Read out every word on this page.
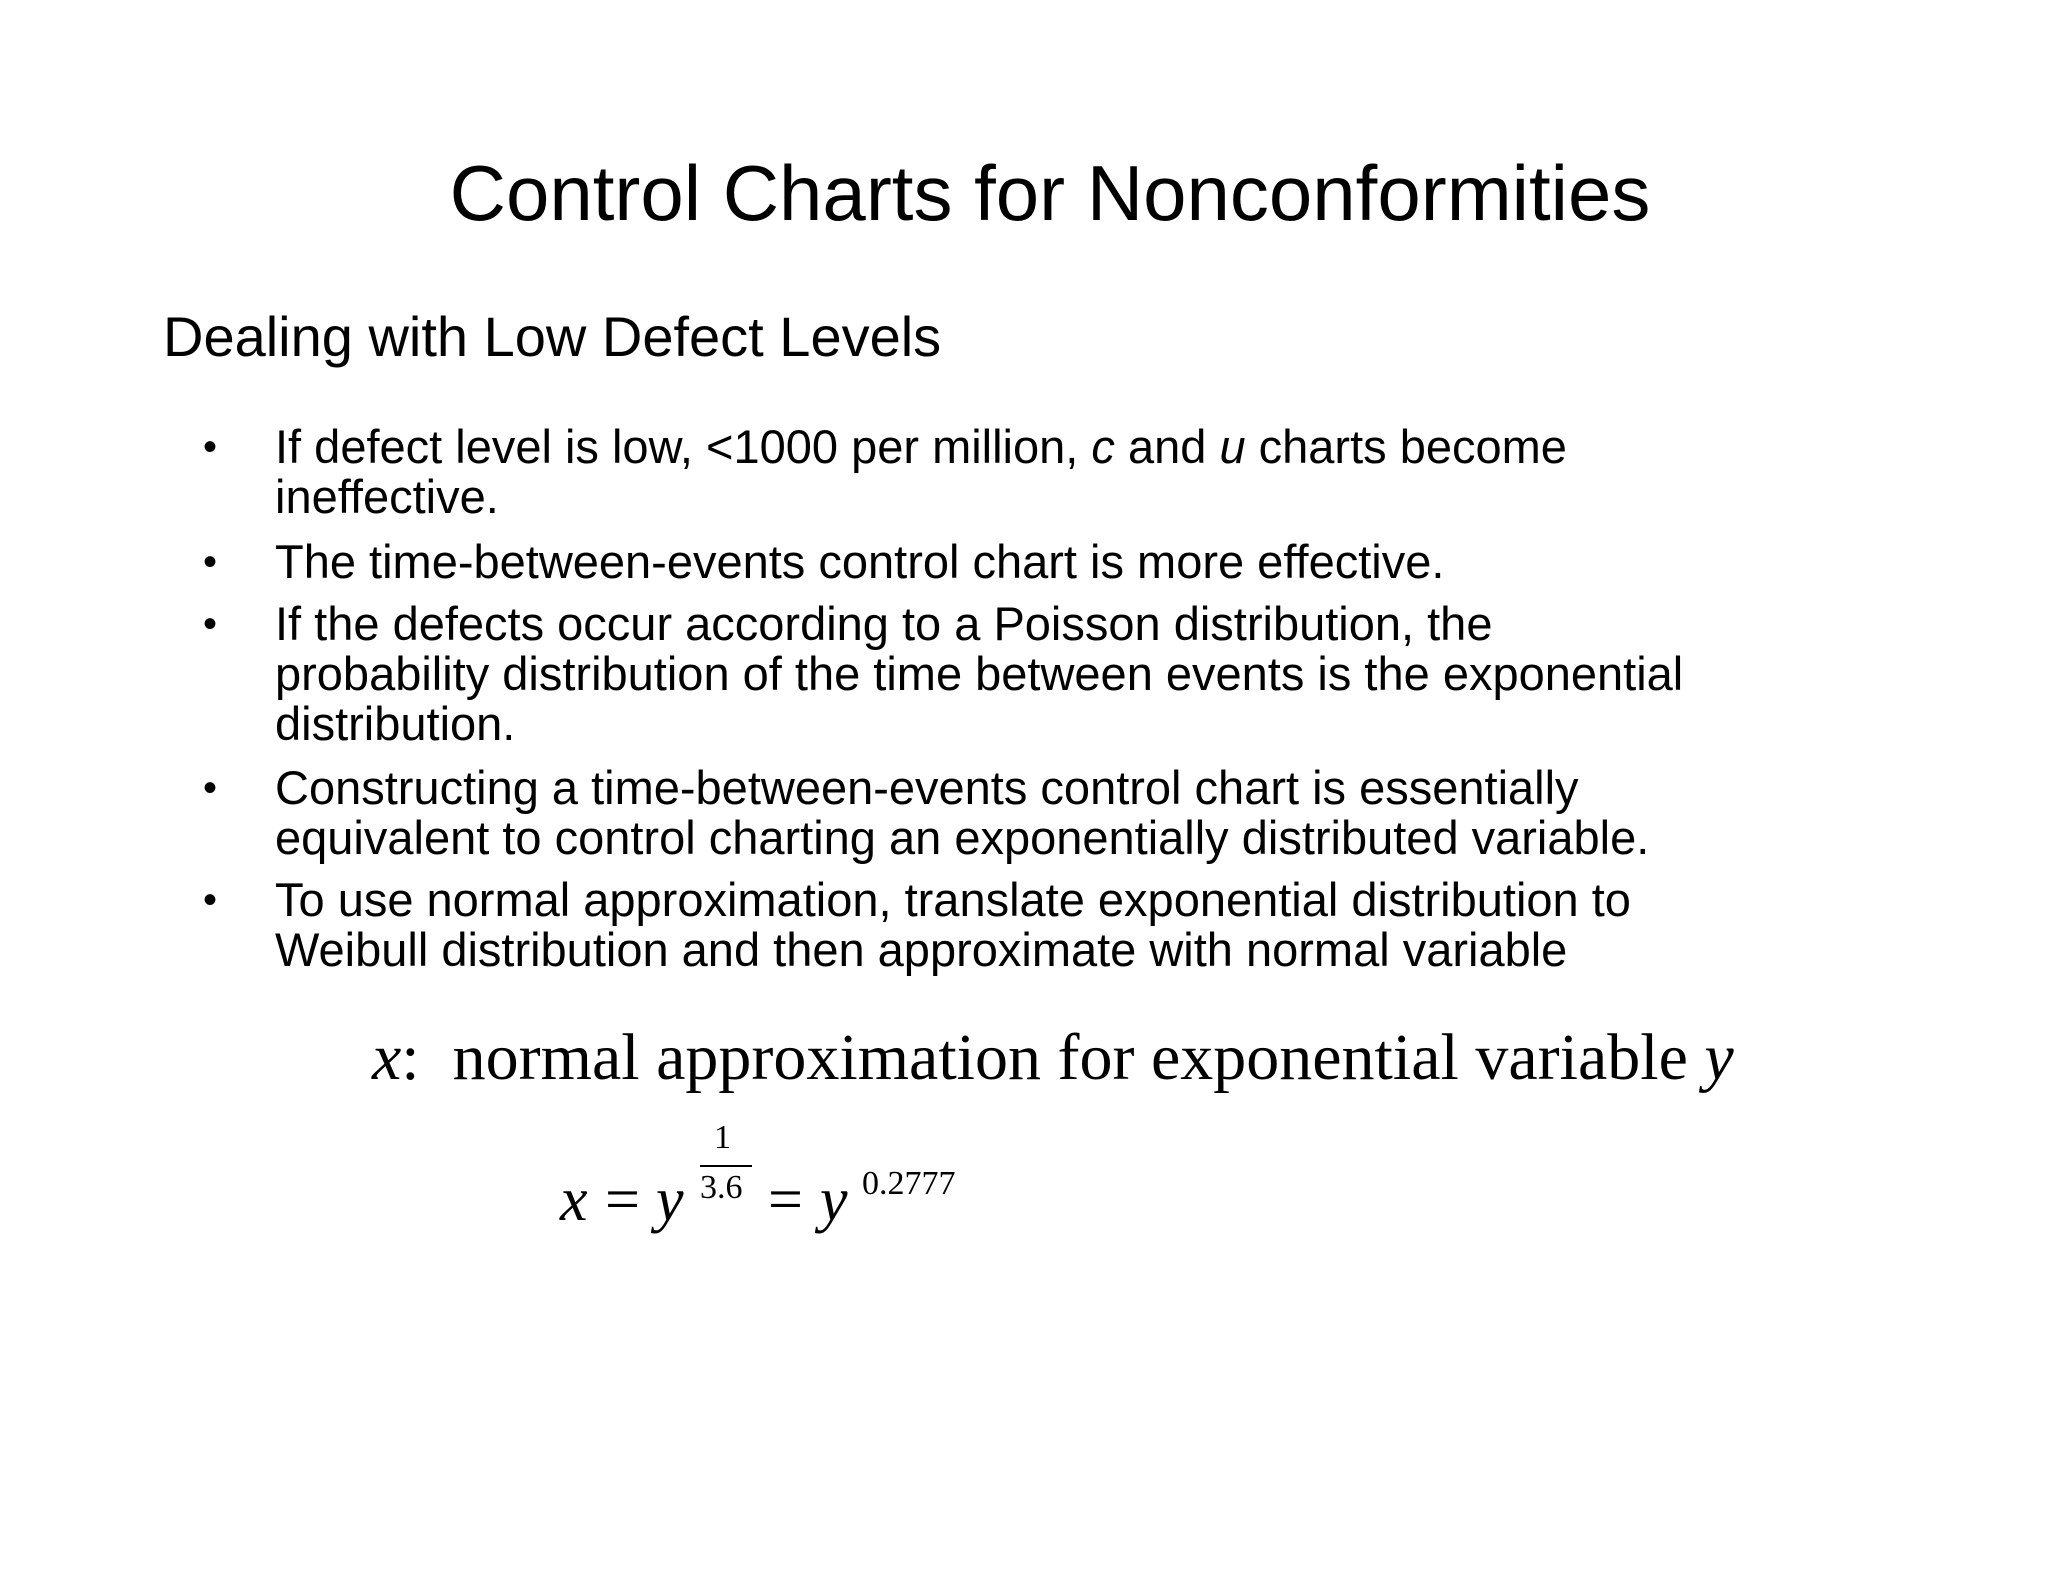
Control Charts for Nonconformities
Dealing with Low Defect Levels
• If defect level is low, <1000 per million, c and u charts become
ineffective.
• The time-between-events control chart is more effective.
• If the defects occur according to a Poisson distribution, the
probability distribution of the time between events is the exponential
distribution.
• Constructing a time-between-events control chart is essentially
equivalent to control charting an exponentially distributed variable.
• To use normal approximation, translate exponential distribution to
Weibull distribution and then approximate with normal variable
x: normal approximation for exponential variable y
x = y
1
3.6 = y 0.2777
